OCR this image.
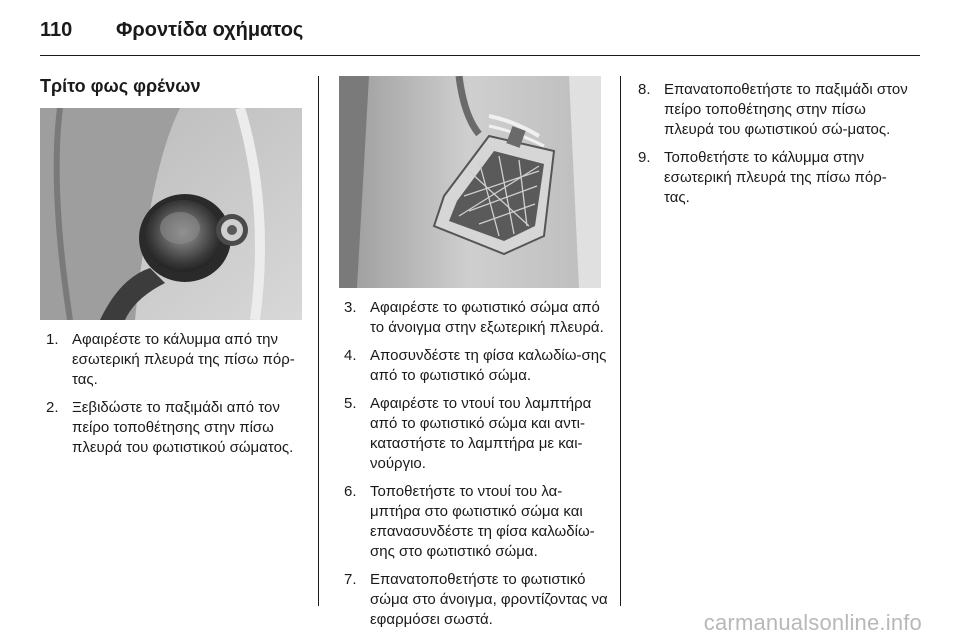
110	Φροντίδα οχήματος
Τρίτο φως φρένων
1. Αφαιρέστε το κάλυμμα από την εσωτερική πλευρά της πίσω πόρ-τας.
2. Ξεβιδώστε το παξιμάδι από τον πείρο τοποθέτησης στην πίσω πλευρά του φωτιστικού σώματος.
3. Αφαιρέστε το φωτιστικό σώμα από το άνοιγμα στην εξωτερική πλευρά.
4. Αποσυνδέστε τη φίσα καλωδίω-σης από το φωτιστικό σώμα.
5. Αφαιρέστε το ντουί του λαμπτήρα από το φωτιστικό σώμα και αντι-καταστήστε το λαμπτήρα με και-νούργιο.
6. Τοποθετήστε το ντουί του λα-μπτήρα στο φωτιστικό σώμα και επανασυνδέστε τη φίσα καλωδίω-σης στο φωτιστικό σώμα.
7. Επανατοποθετήστε το φωτιστικό σώμα στο άνοιγμα, φροντίζοντας να εφαρμόσει σωστά.
8. Επανατοποθετήστε το παξιμάδι στον πείρο τοποθέτησης στην πίσω πλευρά του φωτιστικού σώ-ματος.
9. Τοποθετήστε το κάλυμμα στην εσωτερική πλευρά της πίσω πόρ-τας.
carmanualsonline.info
